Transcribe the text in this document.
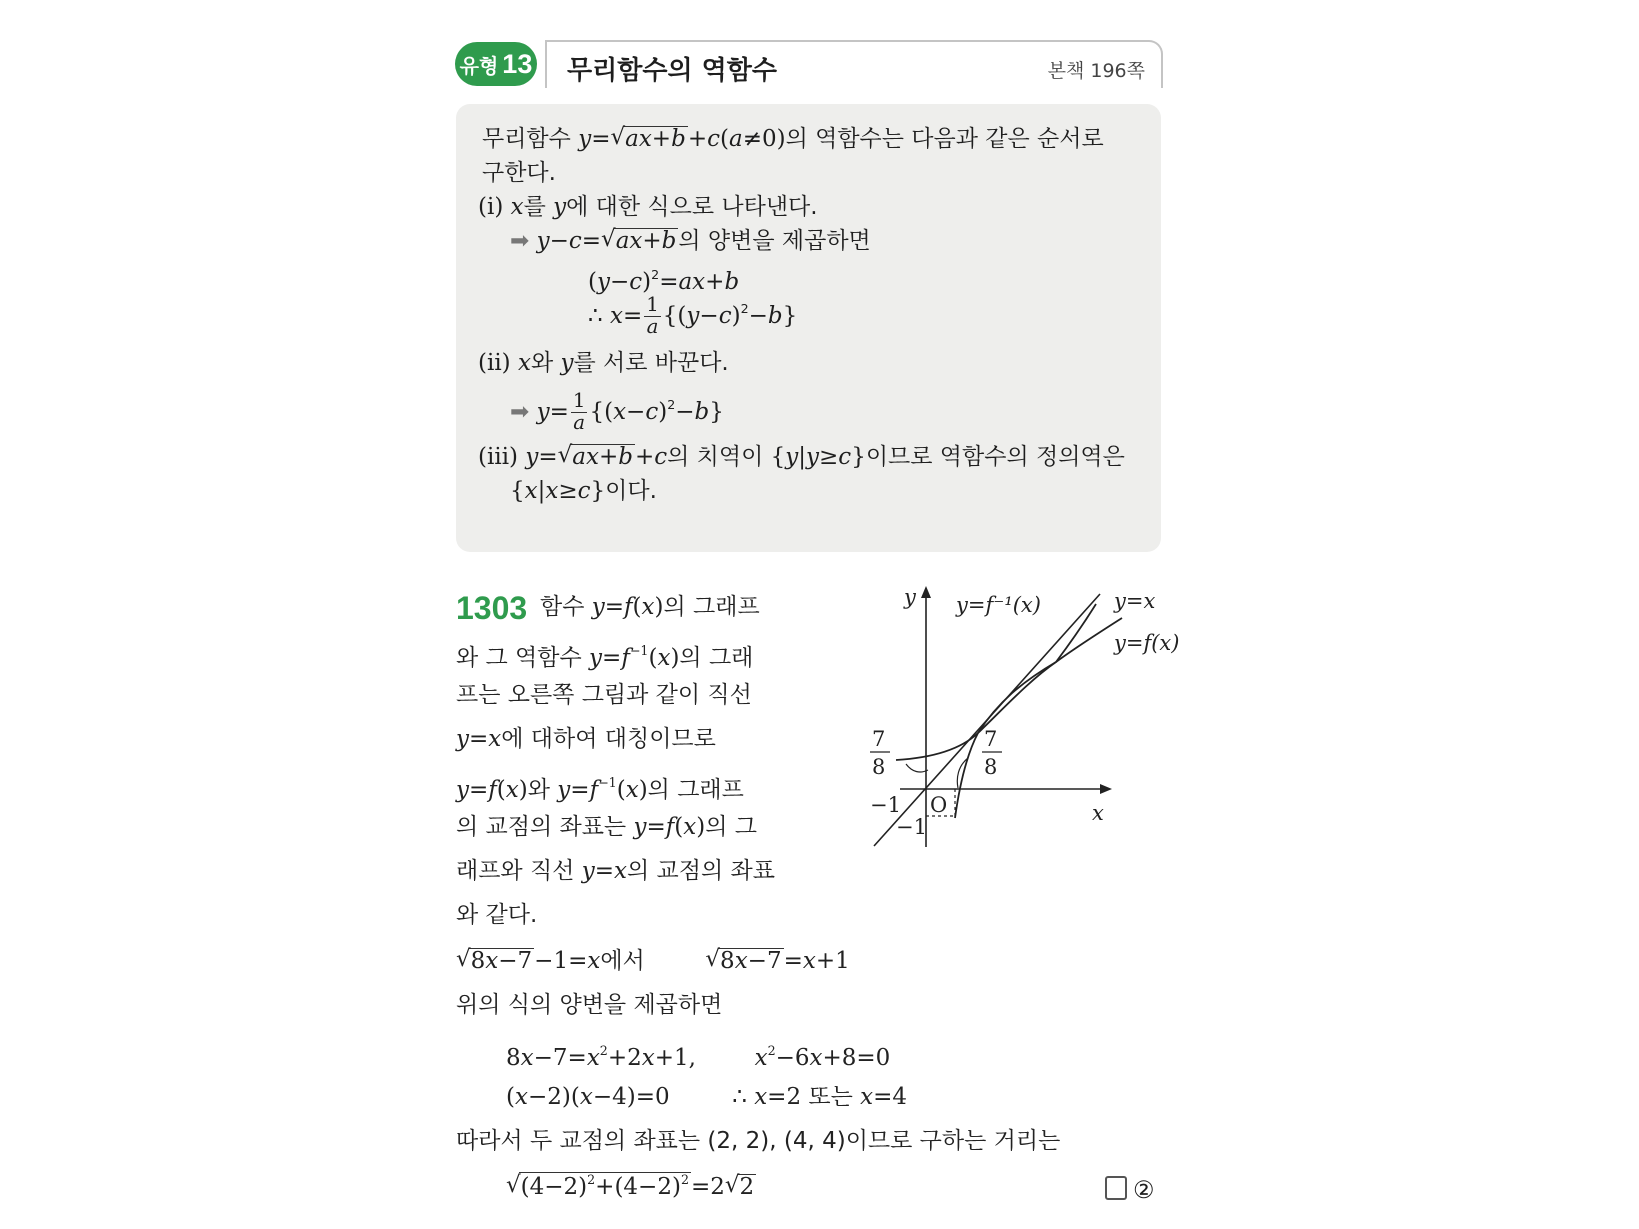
유형 13 무리함수의 역함수	본책 196쪽
무리함수 y=√ ax+b+c(a≠0)의 역함수는 다음과 같은 순서로
구한다.
(ⅰ) x를 y에 대한 식으로 나타낸다.
➡ y−c=√ ax+b의 양변을 제곱하면
$(y-c)^2=ax+b$
∴ $x= \frac{1}{a} \{(y-c)^2-b\}$
(ⅱ) x와 y를 서로 바꾼다.
➡ $y= \frac{1}{a} \{(x-c)^2-b\}$
(ⅲ) y=√ ax+b+c의 치역이 {y|y≥c}이므로 역함수의 정의역은
{x|x≥c}이다.
1303 함수 y=f(x)의 그래프
와 그 역함수 $y=f^{-1}(x)$의 그래
프는 오른쪽 그림과 같이 직선
y=x에 대하여 대칭이므로
y=f(x)와 $y=f^{-1}(x)$의 그래프
의 교점의 좌표는 y=f(x)의 그
래프와 직선 y=x의 교점의 좌표
와 같다.
√ 8x−7−1=x에서  √	8x−7=x+1
위의 식의 양변을 제곱하면
$8x-7=x^2+2x+1$,	$x^2-6x+8=0$
(x−2)(x−4)=0	∴ x=2 또는 x=4
따라서 두 교점의 좌표는 (2, 2), (4, 4)이므로 구하는 거리는
√ $(4-2)^2+(4-2)^2=2√$ 2	②
y
x
O
y=f⁻¹(x)	y=x
y=f(x)
7
8
7
8
−1
−1
